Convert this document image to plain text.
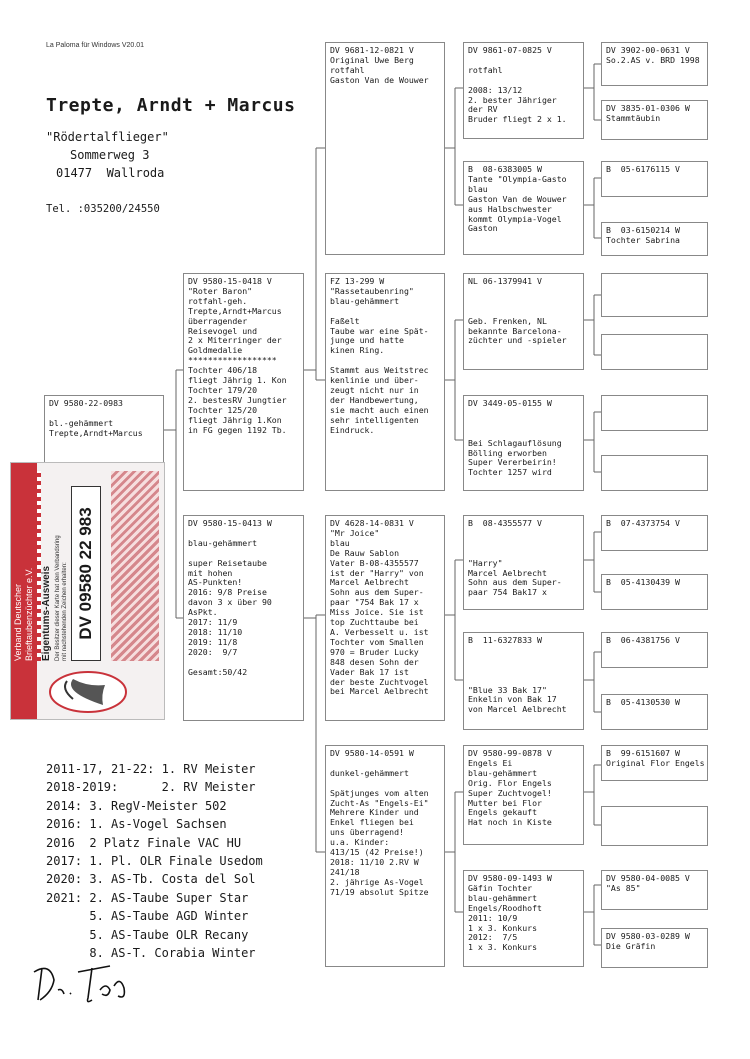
La Paloma für Windows V20.01
Trepte, Arndt + Marcus
"Rödertalflieger"
Sommerweg 3
01477  Wallroda
Tel. :035200/24550
DV 9580-22-0983

bl.-gehämmert
Trepte,Arndt+Marcus
DV 9580-15-0418 V
"Roter Baron"
rotfahl-geh.
Trepte,Arndt+Marcus
überragender
Reisevogel und
2 x Miterringer der
Goldmedalie
******************
Tochter 406/18
fliegt Jährig 1. Kon
Tochter 179/20
2. bestesRV Jungtier
Tochter 125/20
fliegt Jährig 1.Kon
in FG gegen 1192 Tb.
DV 9580-15-0413 W

blau-gehämmert

super Reisetaube
mit hohen
AS-Punkten!
2016: 9/8 Preise
davon 3 x über 90
AsPkt.
2017: 11/9
2018: 11/10
2019: 11/8
2020:  9/7

Gesamt:50/42
DV 9681-12-0821 V
Original Uwe Berg
rotfahl
Gaston Van de Wouwer
FZ 13-299 W
"Rassetaubenring"
blau-gehämmert

Faßelt
Taube war eine Spät-
junge und hatte
kinen Ring.

Stammt aus Weitstrec
kenlinie und über-
zeugt nicht nur in
der Handbewertung,
sie macht auch einen
sehr intelligenten
Eindruck.
DV 4628-14-0831 V
"Mr Joice"
blau
De Rauw Sablon
Vater B-08-4355577
ist der "Harry" von
Marcel Aelbrecht
Sohn aus dem Super-
paar "754 Bak 17 x
Miss Joice. Sie ist
top Zuchttaube bei
A. Verbesselt u. ist
Tochter vom Smallen
970 = Bruder Lucky
848 desen Sohn der
Vader Bak 17 ist
der beste Zuchtvogel
bei Marcel Aelbrecht
DV 9580-14-0591 W

dunkel-gehämmert

Spätjunges vom alten
Zucht-As "Engels-Ei"
Mehrere Kinder und
Enkel fliegen bei
uns überragend!
u.a. Kinder:
413/15 (42 Preise!)
2018: 11/10 2.RV W
241/18
2. jährige As-Vogel
71/19 absolut Spitze
DV 9861-07-0825 V

rotfahl

2008: 13/12
2. bester Jähriger
der RV
Bruder fliegt 2 x 1.
B  08-6383005 W
Tante "Olympia-Gasto
blau
Gaston Van de Wouwer
aus Halbschwester
kommt Olympia-Vogel
Gaston
NL 06-1379941 V

Geb. Frenken, NL
bekannte Barcelona-
züchter und -spieler
DV 3449-05-0155 W

Bei Schlagauflösung
Bölling erworben
Super Vererbeirin!
Tochter 1257 wird
B  08-4355577 V

"Harry"
Marcel Aelbrecht
Sohn aus dem Super-
paar 754 Bak17 x
B  11-6327833 W

"Blue 33 Bak 17"
Enkelin von Bak 17
von Marcel Aelbrecht
DV 9580-99-0878 V
Engels Ei
blau-gehämmert
Orig. Flor Engels
Super Zuchtvogel!
Mutter bei Flor
Engels gekauft
Hat noch in Kiste
DV 9580-09-1493 W
Gäfin Tochter
blau-gehämmert
Engels/Roodhoft
2011: 10/9
1 x 3. Konkurs
2012:  7/5
1 x 3. Konkurs
DV 3902-00-0631 V
So.2.AS v. BRD 1998
DV 3835-01-0306 W
Stammtäubin
B  05-6176115 V
B  03-6150214 W
Tochter Sabrina
B  07-4373754 V
B  05-4130439 W
B  06-4381756 V
B  05-4130530 W
B  99-6151607 W
Original Flor Engels
DV 9580-04-0085 V
"As 85"
DV 9580-03-0289 W
Die Gräfin
Verband Deutscher
Brieftaubenzüchter e.V. Eigentums-Ausweis Der Besitzer dieser Karte hat den Verbandsring
mit nachstehenden Zeichen erhalten: DV 09580 22 983
2011-17, 21-22: 1. RV Meister
2018-2019:      2. RV Meister
2014: 3. RegV-Meister 502
2016: 1. As-Vogel Sachsen
2016  2 Platz Finale VAC HU
2017: 1. Pl. OLR Finale Usedom
2020: 3. AS-Tb. Costa del Sol
2021: 2. AS-Taube Super Star
5. AS-Taube AGD Winter
5. AS-Taube OLR Recany
8. AS-T. Corabia Winter
